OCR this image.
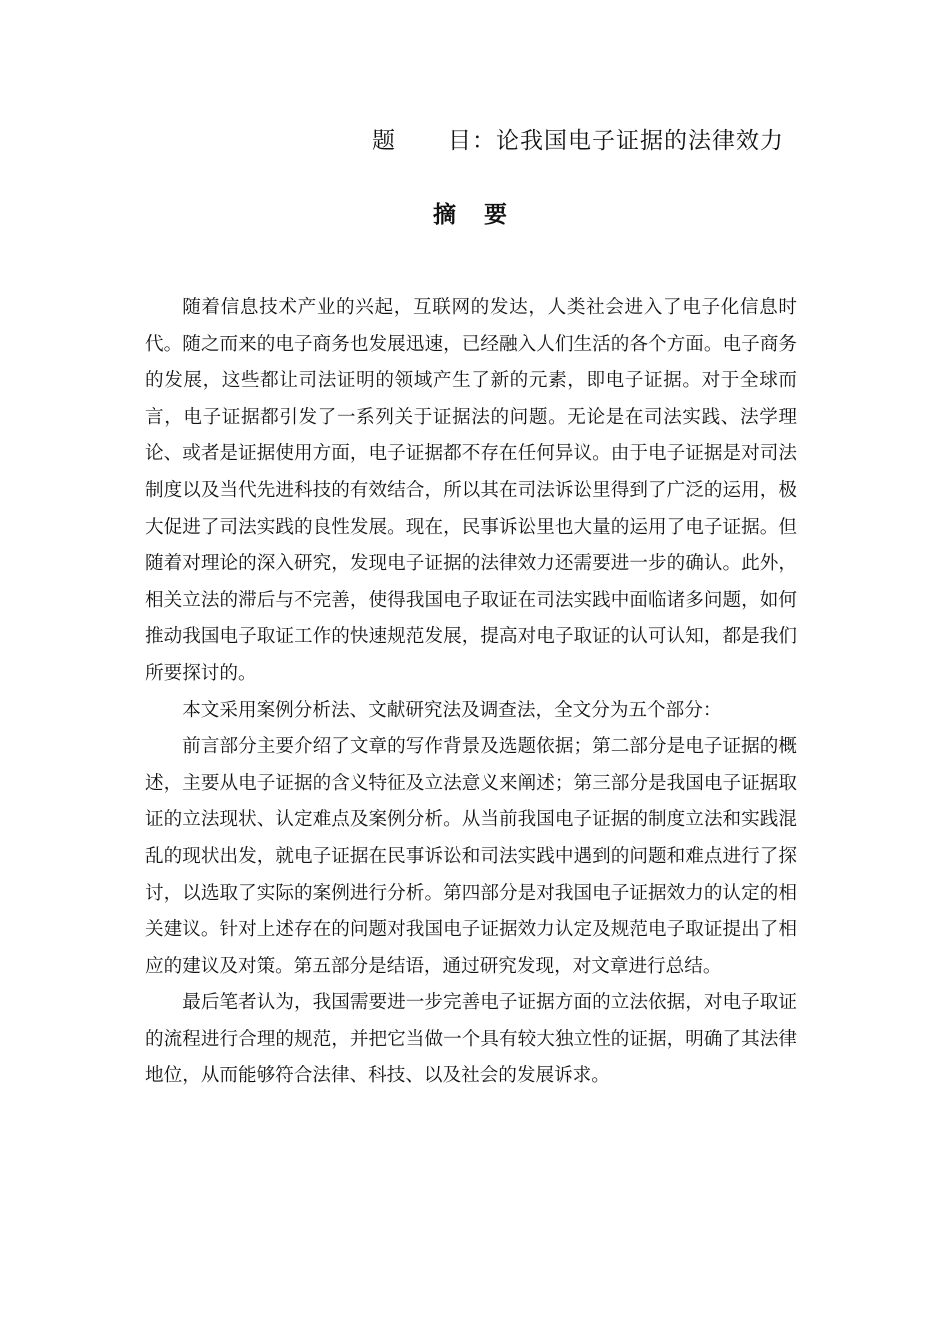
题 目：论我国电子证据的法律效力
摘 要

随着信息技术产业的兴起，互联网的发达，人类社会进入了电子化信息时代。随之而来的电子商务也发展迅速，已经融入人们生活的各个方面。电子商务的发展，这些都让司法证明的领域产生了新的元素，即电子证据。对于全球而言，电子证据都引发了一系列关于证据法的问题。无论是在司法实践、法学理论、或者是证据使用方面，电子证据都不存在任何异议。由于电子证据是对司法制度以及当代先进科技的有效结合，所以其在司法诉讼里得到了广泛的运用，极大促进了司法实践的良性发展。现在，民事诉讼里也大量的运用了电子证据。但随着对理论的深入研究，发现电子证据的法律效力还需要进一步的确认。此外，相关立法的滞后与不完善，使得我国电子取证在司法实践中面临诸多问题，如何推动我国电子取证工作的快速规范发展，提高对电子取证的认可认知，都是我们所要探讨的。

本文采用案例分析法、文献研究法及调查法，全文分为五个部分：

前言部分主要介绍了文章的写作背景及选题依据；第二部分是电子证据的概述，主要从电子证据的含义特征及立法意义来阐述；第三部分是我国电子证据取证的立法现状、认定难点及案例分析。从当前我国电子证据的制度立法和实践混乱的现状出发，就电子证据在民事诉讼和司法实践中遇到的问题和难点进行了探讨，以选取了实际的案例进行分析。第四部分是对我国电子证据效力的认定的相关建议。针对上述存在的问题对我国电子证据效力认定及规范电子取证提出了相应的建议及对策。第五部分是结语，通过研究发现，对文章进行总结。

最后笔者认为，我国需要进一步完善电子证据方面的立法依据，对电子取证的流程进行合理的规范，并把它当做一个具有较大独立性的证据，明确了其法律地位，从而能够符合法律、科技、以及社会的发展诉求。
